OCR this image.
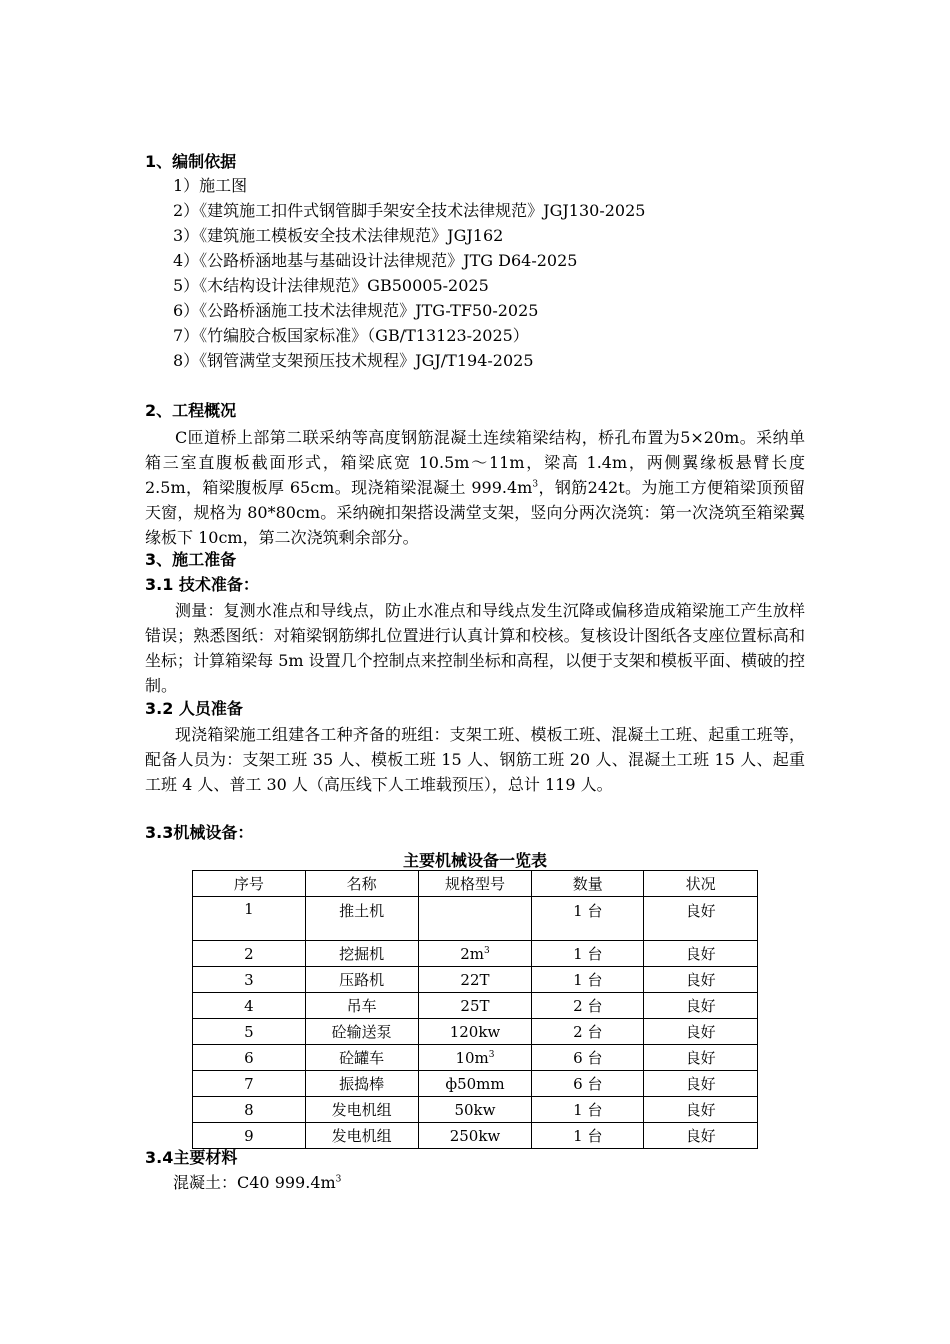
1、编制依据
1）施工图
2）《建筑施工扣件式钢管脚手架安全技术法律规范》JGJ130-2025
3）《建筑施工模板安全技术法律规范》JGJ162
4）《公路桥涵地基与基础设计法律规范》JTG D64-2025
5）《木结构设计法律规范》GB50005-2025
6）《公路桥涵施工技术法律规范》JTG-TF50-2025
7）《竹编胶合板国家标准》（GB/T13123-2025）
8）《钢管满堂支架预压技术规程》JGJ/T194-2025
2、工程概况
C匝道桥上部第二联采纳等高度钢筋混凝土连续箱梁结构，桥孔布置为5×20m。采纳单箱三室直腹板截面形式，箱梁底宽 10.5m～11m，梁高 1.4m，两侧翼缘板悬臂长度 2.5m，箱梁腹板厚 65cm。现浇箱梁混凝土 $999.4m^3$，钢筋242t。为施工方便箱梁顶预留天窗，规格为 80*80cm。采纳碗扣架搭设满堂支架，竖向分两次浇筑：第一次浇筑至箱梁翼缘板下 10cm，第二次浇筑剩余部分。
3、施工准备
3.1 技术准备：
测量：复测水准点和导线点，防止水准点和导线点发生沉降或偏移造成箱梁施工产生放样错误；熟悉图纸：对箱梁钢筋绑扎位置进行认真计算和校核。复核设计图纸各支座位置标高和坐标；计算箱梁每 5m 设置几个控制点来控制坐标和高程，以便于支架和模板平面、横破的控制。
3.2 人员准备
现浇箱梁施工组建各工种齐备的班组：支架工班、模板工班、混凝土工班、起重工班等，配备人员为：支架工班 35 人、模板工班 15 人、钢筋工班 20 人、混凝土工班 15 人、起重工班 4 人、普工 30 人（高压线下人工堆载预压），总计 119 人。
3.3机械设备：
主要机械设备一览表
序号	名称	规格型号	数量	状况
1	推土机		1 台	良好
2	挖掘机	$2m^3$	1 台	良好
3	压路机	22T	1 台	良好
4	吊车	25T	2 台	良好
5	砼输送泵	120kw	2 台	良好
6	砼罐车	$10m^3$	6 台	良好
7	振捣棒	ф50mm	6 台	良好
8	发电机组	50kw	1 台	良好
9	发电机组	250kw	1 台	良好
3.4主要材料
混凝土：C40 $999.4m^3$
